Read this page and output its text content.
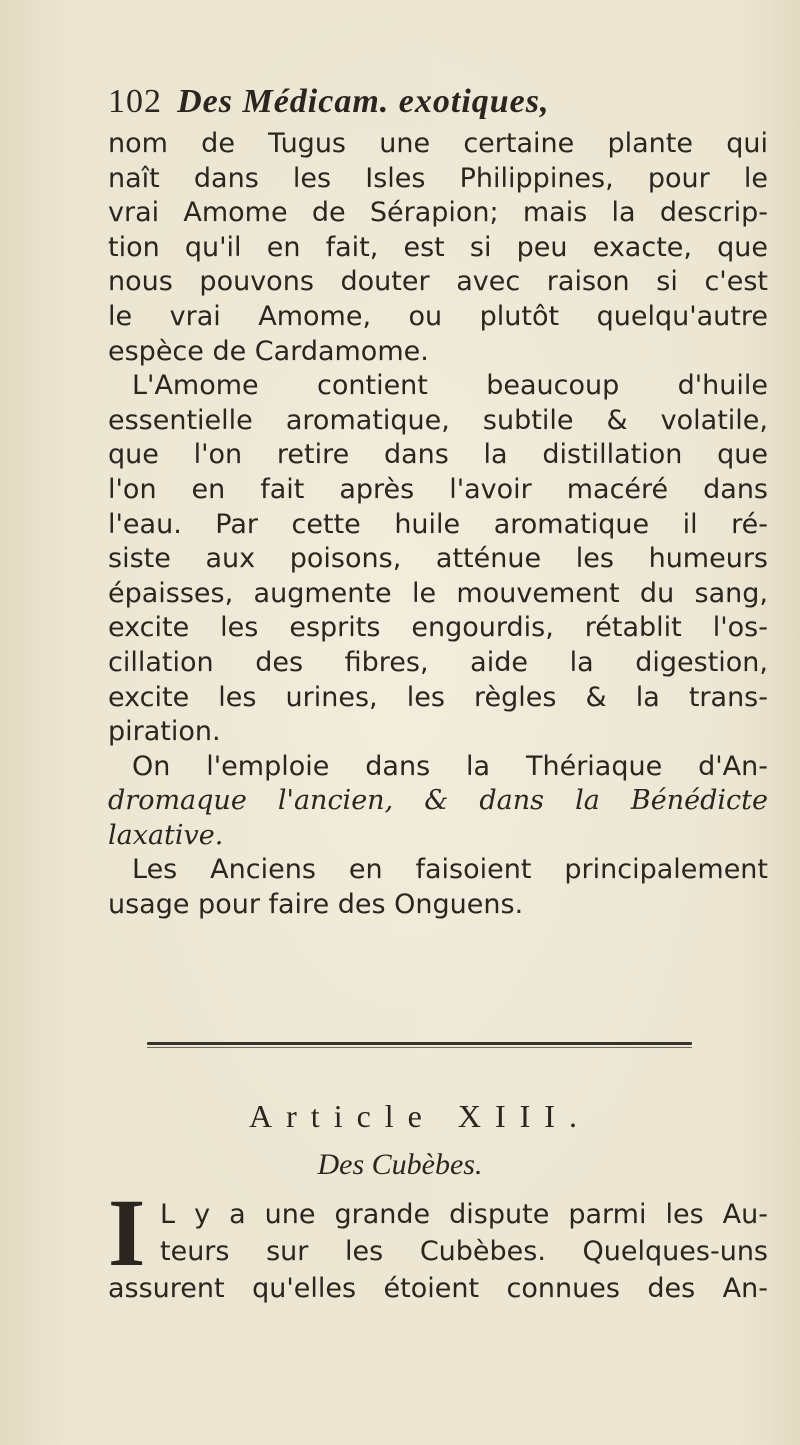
102 Des Médicam. exotiques,
nom de Tugus une certaine plante qui
naît dans les Isles Philippines, pour le
vrai Amome de Sérapion; mais la descrip-
tion qu'il en fait, est si peu exacte, que
nous pouvons douter avec raison si c'est
le vrai Amome, ou plutôt quelqu'autre
espèce de Cardamome.
L'Amome contient beaucoup d'huile
essentielle aromatique, subtile & volatile,
que l'on retire dans la distillation que
l'on en fait après l'avoir macéré dans
l'eau. Par cette huile aromatique il ré-
siste aux poisons, atténue les humeurs
épaisses, augmente le mouvement du sang,
excite les esprits engourdis, rétablit l'os-
cillation des fibres, aide la digestion,
excite les urines, les règles & la trans-
piration.
On l'emploie dans la Thériaque d'An-
dromaque l'ancien, & dans la Bénédicte
laxative.
Les Anciens en faisoient principalement
usage pour faire des Onguens.
Article XIII.
Des Cubèbes.
I L y a une grande dispute parmi les Au-
teurs sur les Cubèbes. Quelques-uns
assurent qu'elles étoient connues des An-
